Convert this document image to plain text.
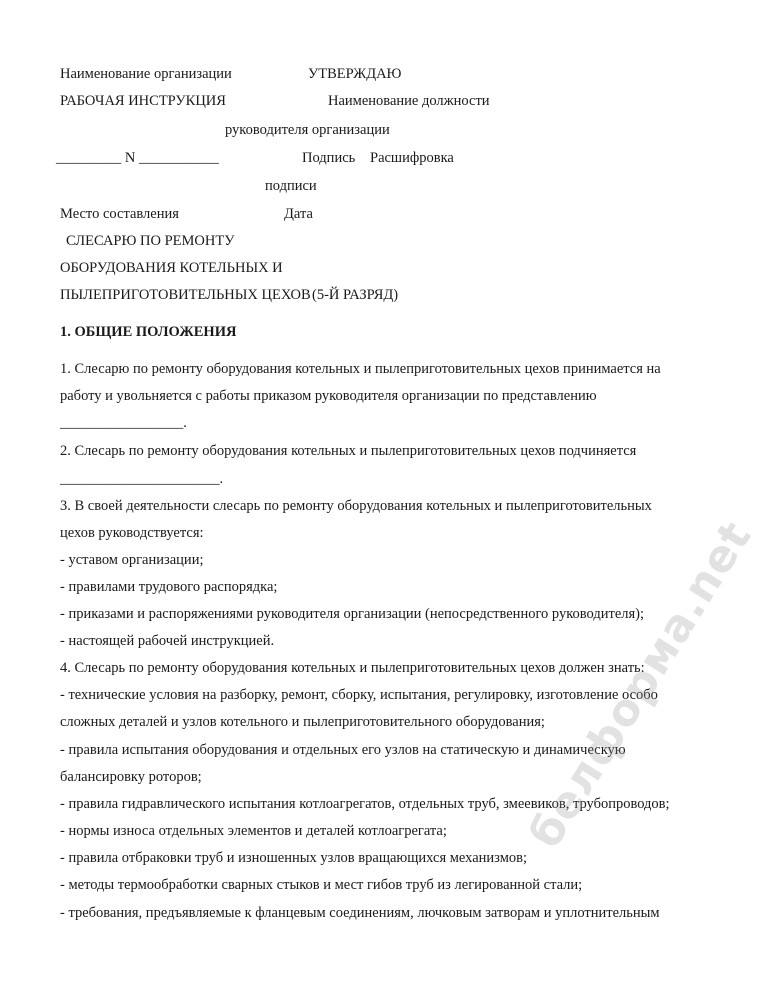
Наименование организации	УТВЕРЖДАЮ
РАБОЧАЯ ИНСТРУКЦИЯ	Наименование должности
руководителя организации
_________ N ___________	Подпись Расшифровка
подписи
Место составления	Дата
СЛЕСАРЮ ПО РЕМОНТУ
ОБОРУДОВАНИЯ КОТЕЛЬНЫХ И
ПЫЛЕПРИГОТОВИТЕЛЬНЫХ ЦЕХОВ (5-Й РАЗРЯД)
1. ОБЩИЕ ПОЛОЖЕНИЯ
1. Слесарю по ремонту оборудования котельных и пылеприготовительных цехов принимается на
работу и увольняется с работы приказом руководителя организации по представлению
_________________.
2. Слесарь по ремонту оборудования котельных и пылеприготовительных цехов подчиняется
______________________.
3. В своей деятельности слесарь по ремонту оборудования котельных и пылеприготовительных
цехов руководствуется:
- уставом организации;
- правилами трудового распорядка;
- приказами и распоряжениями руководителя организации (непосредственного руководителя);
- настоящей рабочей инструкцией.
4. Слесарь по ремонту оборудования котельных и пылеприготовительных цехов должен знать:
- технические условия на разборку, ремонт, сборку, испытания, регулировку, изготовление особо
сложных деталей и узлов котельного и пылеприготовительного оборудования;
- правила испытания оборудования и отдельных его узлов на статическую и динамическую
балансировку роторов;
- правила гидравлического испытания котлоагрегатов, отдельных труб, змеевиков, трубопроводов;
- нормы износа отдельных элементов и деталей котлоагрегата;
- правила отбраковки труб и изношенных узлов вращающихся механизмов;
- методы термообработки сварных стыков и мест гибов труб из легированной стали;
- требования, предъявляемые к фланцевым соединениям, лючковым затворам и уплотнительным
белформа.net
